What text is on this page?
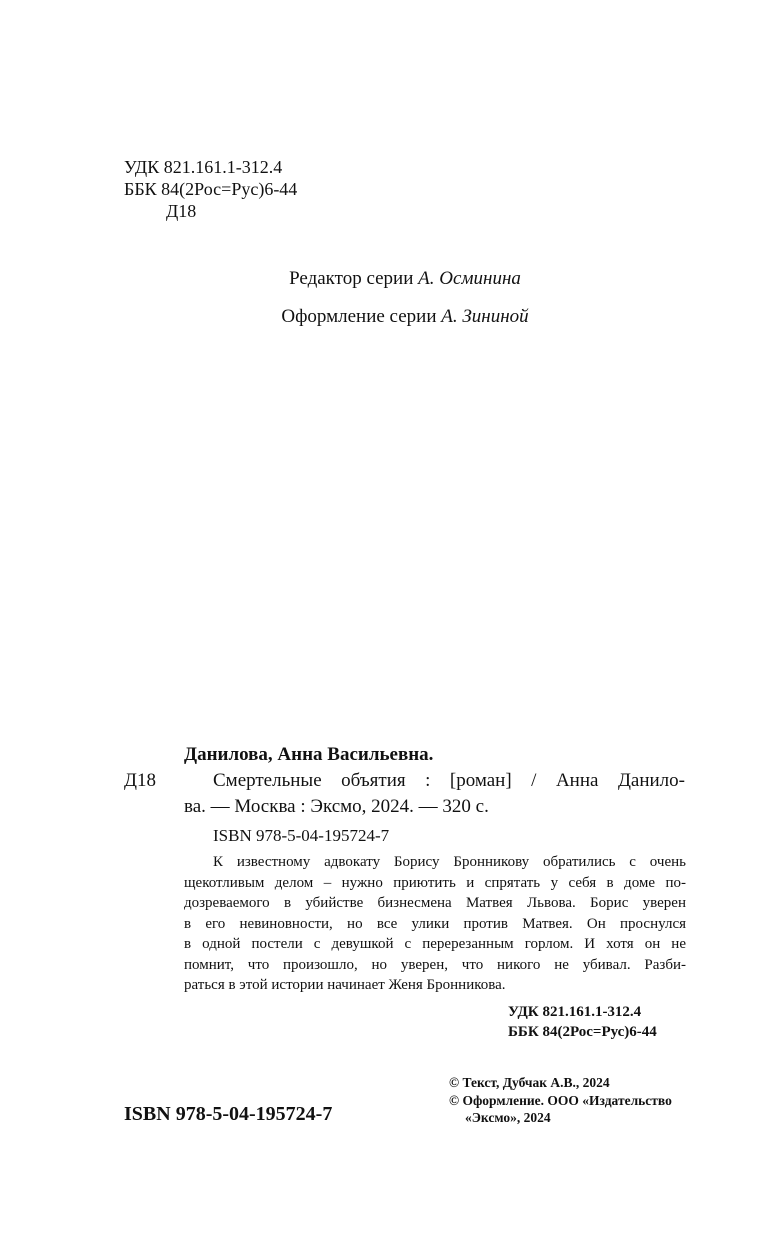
УДК 821.161.1-312.4
ББК 84(2Рос=Рус)6-44
Д18
Редактор серии А. Осминина
Оформление серии А. Зининой
Данилова, Анна Васильевна.
Д18	Смертельные объятия : [роман] / Анна Данило-
ва. — Москва : Эксмо, 2024. — 320 с.
ISBN 978-5-04-195724-7
К известному адвокату Борису Бронникову обратились с очень
щекотливым делом – нужно приютить и спрятать у себя в доме по-
дозреваемого в убийстве бизнесмена Матвея Львова. Борис уверен
в его невиновности, но все улики против Матвея. Он проснулся
в одной постели с девушкой с перерезанным горлом. И хотя он не
помнит, что произошло, но уверен, что никого не убивал. Разби-
раться в этой истории начинает Женя Бронникова.
УДК 821.161.1-312.4
ББК 84(2Рос=Рус)6-44
ISBN 978-5-04-195724-7
© Текст, Дубчак А.В., 2024
© Оформление. ООО «Издательство
«Эксмо», 2024
